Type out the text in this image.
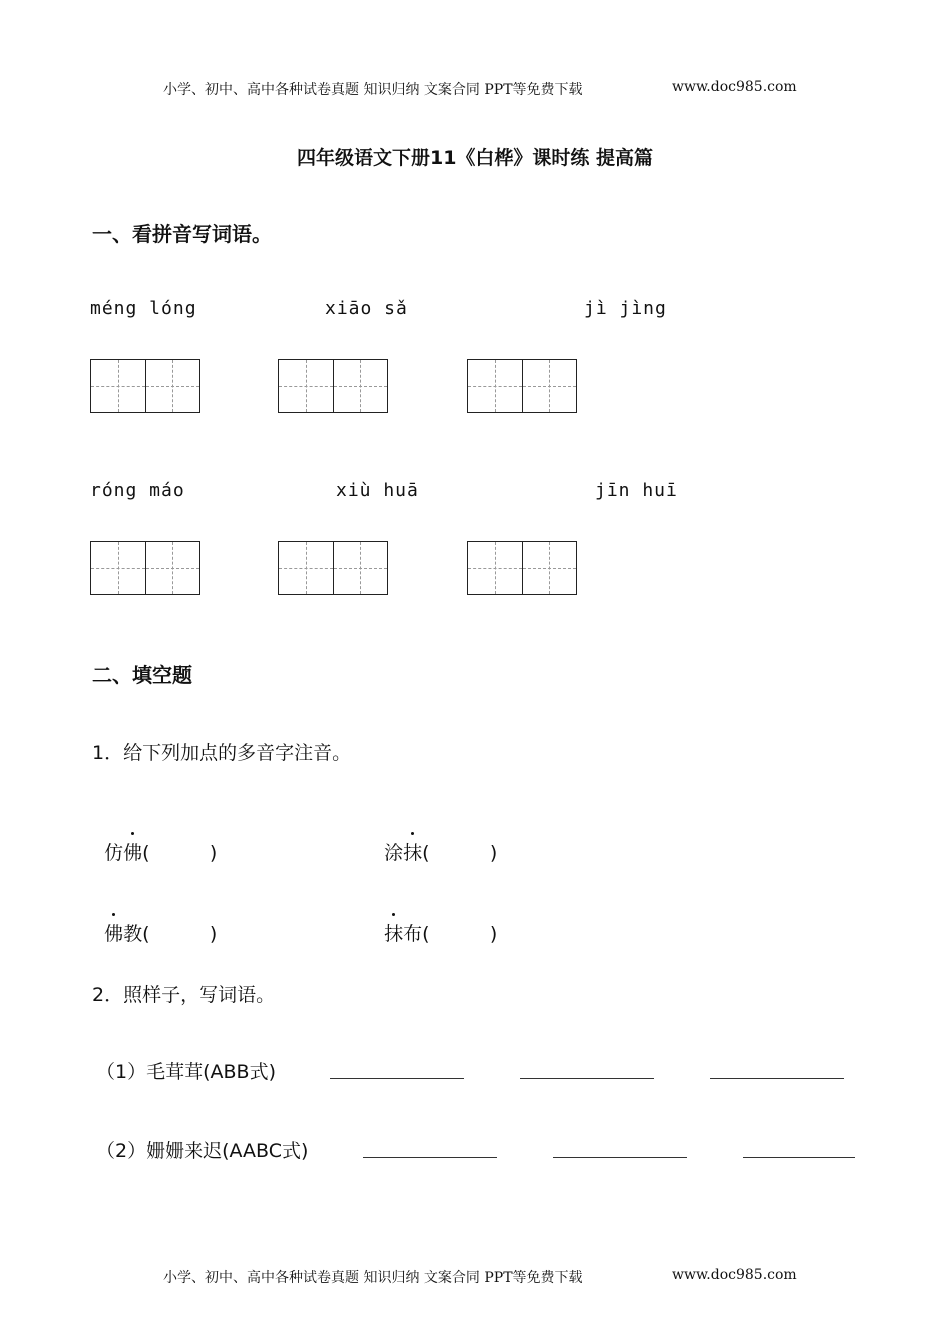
小学、初中、高中各种试卷真题 知识归纳 文案合同 PPT等免费下载	www.doc985.com
四年级语文下册11《白桦》课时练 提高篇
一、看拼音写词语。
méng lóng	xiāo sǎ	jì jìng
róng máo	xiù huā	jīn huī
二、填空题
1．给下列加点的多音字注音。

仿佛(          )	涂抹(          )

佛教(          )	抹布(          )

2．照样子，写词语。
（1）毛茸茸(ABB式)
（2）姗姗来迟(AABC式)
小学、初中、高中各种试卷真题 知识归纳 文案合同 PPT等免费下载	www.doc985.com
